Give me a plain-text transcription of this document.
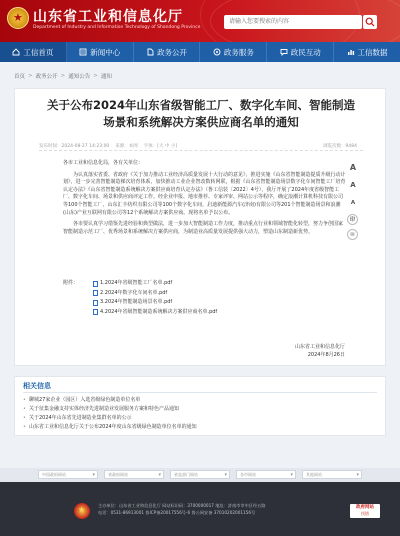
★
山东省工业和信息化厅
Department of Industry and Information Technology of Shandong Province
请输入您要搜索的内容
工信首页	新闻中心	政务公开	政务服务	政民互动	工信数据
首页 > 政务公开 > 通知公告 > 通知
关于公布2024年山东省级智能工厂、数字化车间、智能制造场景和系统解决方案供应商名单的通知
发布时间：2024-08-27 14:23:00 来源：本网 字体：[大 中 小]	浏览次数：9484

各市工业和信息化局，各有关单位：

为认真落实省委、省政府《关于加力推动工业经济高质量发展十大行动的意见》，推进实施《山东省智能制造提质升级行动计划》，进一步完善智能制造梯次培育体系，加快推动工业企业智改数转网联，根据《山东省智能制造场景数字化车间智能工厂培育认定办法》《山东省智能制造系统解决方案供应商培育认定办法》（鲁工信装〔2022〕4号），我厅开展了2024年度省级智能工厂、数字化车间、场景和供应商评定工作。经企业申报、地市推荐、专家评审、网站公示等程序，确定浪潮计算机科技有限公司等100个智能工厂、山东汇丰纺织有限公司等100个数字化车间，启迪新能源汽车(济南)有限公司等201个智能制造场景和浪潮(山东)产业互联网有限公司等12个系统解决方案供应商。现将名单予以公布。

各市要认真学习借鉴先进经验和典型做法，进一步加大智能制造工作力度，推动重点行业和领域智能化转型，努力争创国家智能制造示范工厂、优秀场景和系统解决方案供应商，为制造业高质量发展提供强大动力，塑造山东制造新优势。

附件：	1.2024年省级智能工厂名单.pdf
2.2024年数字化车间名单.pdf
3.2024年智能制造场景名单.pdf
4.2024年省级智能制造系统解决方案供应商名单.pdf
山东省工业和信息化厅
2024年8月26日
A
A
A
印
✉
相关信息
• 聊城27家企业（园区）入选省级绿色制造单位名单
• 关于征集金融支持实体经济先进制造业发展服务方案和特色产品通知
• 关于2024年山东省先进制造业集群名单的公示
• 山东省工业和信息化厅关于公布2024年度山东省级绿色制造单位名单的通知
中国政府网站 ▾	省政府网站 ▾	省直部门网站 ▾	各市网站 ▾	其他网站 ▾
★
主办单位：山东省工业和信息化厅 网站标识码：3700000017 地址：济南市市中区经五路
电话：0531-86913001 鲁ICP备20017556号-6 鲁公网安备 37010202001156号
政府网站
找错
